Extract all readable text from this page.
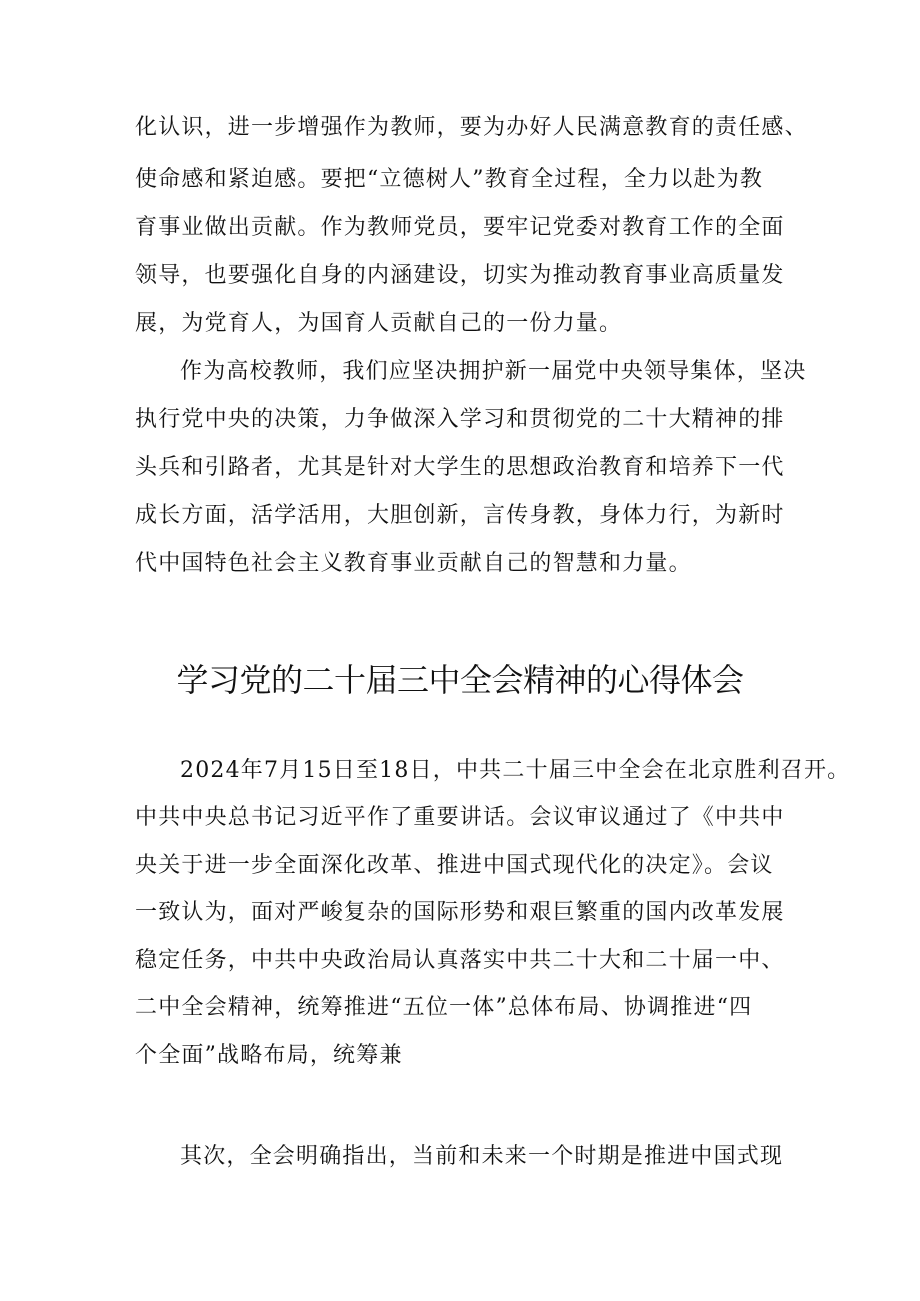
化认识，进一步增强作为教师，要为办好人民满意教育的责任感、
使命感和紧迫感。要把“立德树人”教育全过程，全力以赴为教
育事业做出贡献。作为教师党员，要牢记党委对教育工作的全面
领导，也要强化自身的内涵建设，切实为推动教育事业高质量发
展，为党育人，为国育人贡献自己的一份力量。
作为高校教师，我们应坚决拥护新一届党中央领导集体，坚决
执行党中央的决策，力争做深入学习和贯彻党的二十大精神的排
头兵和引路者，尤其是针对大学生的思想政治教育和培养下一代
成长方面，活学活用，大胆创新，言传身教，身体力行，为新时
代中国特色社会主义教育事业贡献自己的智慧和力量。
学习党的二十届三中全会精神的心得体会
2024年7月15日至18日，中共二十届三中全会在北京胜利召开。
中共中央总书记习近平作了重要讲话。会议审议通过了《中共中
央关于进一步全面深化改革、推进中国式现代化的决定》。会议
一致认为，面对严峻复杂的国际形势和艰巨繁重的国内改革发展
稳定任务，中共中央政治局认真落实中共二十大和二十届一中、
二中全会精神，统筹推进“五位一体”总体布局、协调推进“四
个全面”战略布局，统筹兼
其次，全会明确指出，当前和未来一个时期是推进中国式现
